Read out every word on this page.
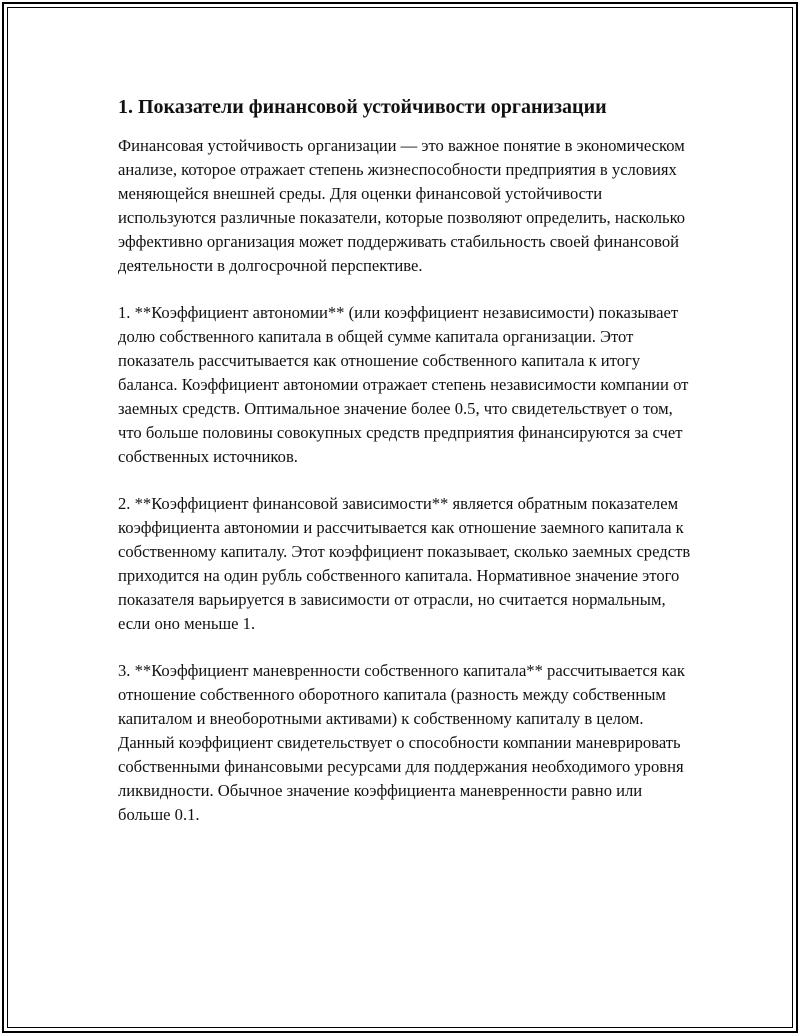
1. Показатели финансовой устойчивости организации

Финансовая устойчивость организации — это важное понятие в экономическом анализе, которое отражает степень жизнеспособности предприятия в условиях меняющейся внешней среды. Для оценки финансовой устойчивости используются различные показатели, которые позволяют определить, насколько эффективно организация может поддерживать стабильность своей финансовой деятельности в долгосрочной перспективе.

1. **Коэффициент автономии** (или коэффициент независимости) показывает долю собственного капитала в общей сумме капитала организации. Этот показатель рассчитывается как отношение собственного капитала к итогу баланса. Коэффициент автономии отражает степень независимости компании от заемных средств. Оптимальное значение более 0.5, что свидетельствует о том, что больше половины совокупных средств предприятия финансируются за счет собственных источников.

2. **Коэффициент финансовой зависимости** является обратным показателем коэффициента автономии и рассчитывается как отношение заемного капитала к собственному капиталу. Этот коэффициент показывает, сколько заемных средств приходится на один рубль собственного капитала. Нормативное значение этого показателя варьируется в зависимости от отрасли, но считается нормальным, если оно меньше 1.

3. **Коэффициент маневренности собственного капитала** рассчитывается как отношение собственного оборотного капитала (разность между собственным капиталом и внеоборотными активами) к собственному капиталу в целом. Данный коэффициент свидетельствует о способности компании маневрировать собственными финансовыми ресурсами для поддержания необходимого уровня ликвидности. Обычное значение коэффициента маневренности равно или больше 0.1.
